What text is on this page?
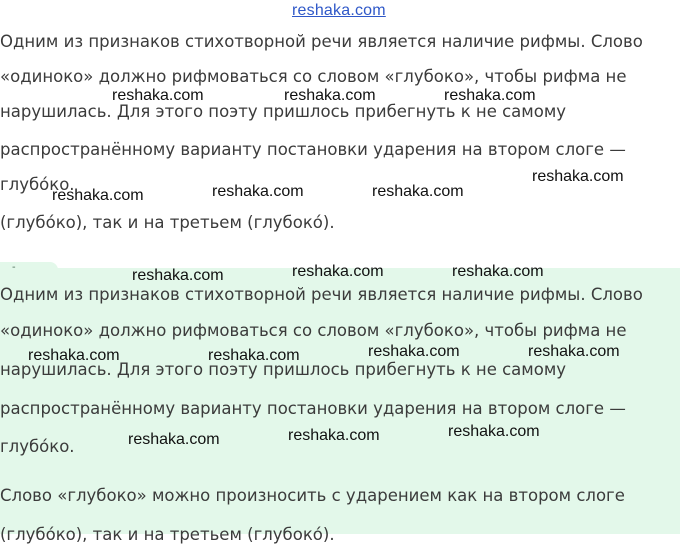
reshaka.com
Одним из признаков стихотворной речи является наличие рифмы. Слово
«одиноко» должно рифмоваться со словом «глубоко», чтобы рифма не
нарушилась. Для этого поэту пришлось прибегнуть к не самому
распространённому варианту постановки ударения на втором слоге —
глубо́ко.
(глубо́ко), так и на третьем (глубоко́).
-
Одним из признаков стихотворной речи является наличие рифмы. Слово
«одиноко» должно рифмоваться со словом «глубоко», чтобы рифма не
нарушилась. Для этого поэту пришлось прибегнуть к не самому
распространённому варианту постановки ударения на втором слоге —
глубо́ко.
Слово «глубоко» можно произносить с ударением как на втором слоге
(глубо́ко), так и на третьем (глубоко́).
reshaka.com	reshaka.com	reshaka.com
reshaka.com
reshaka.com	reshaka.com	reshaka.com
reshaka.com	reshaka.com	reshaka.com
reshaka.com	reshaka.com	reshaka.com	reshaka.com
reshaka.com	reshaka.com	reshaka.com
